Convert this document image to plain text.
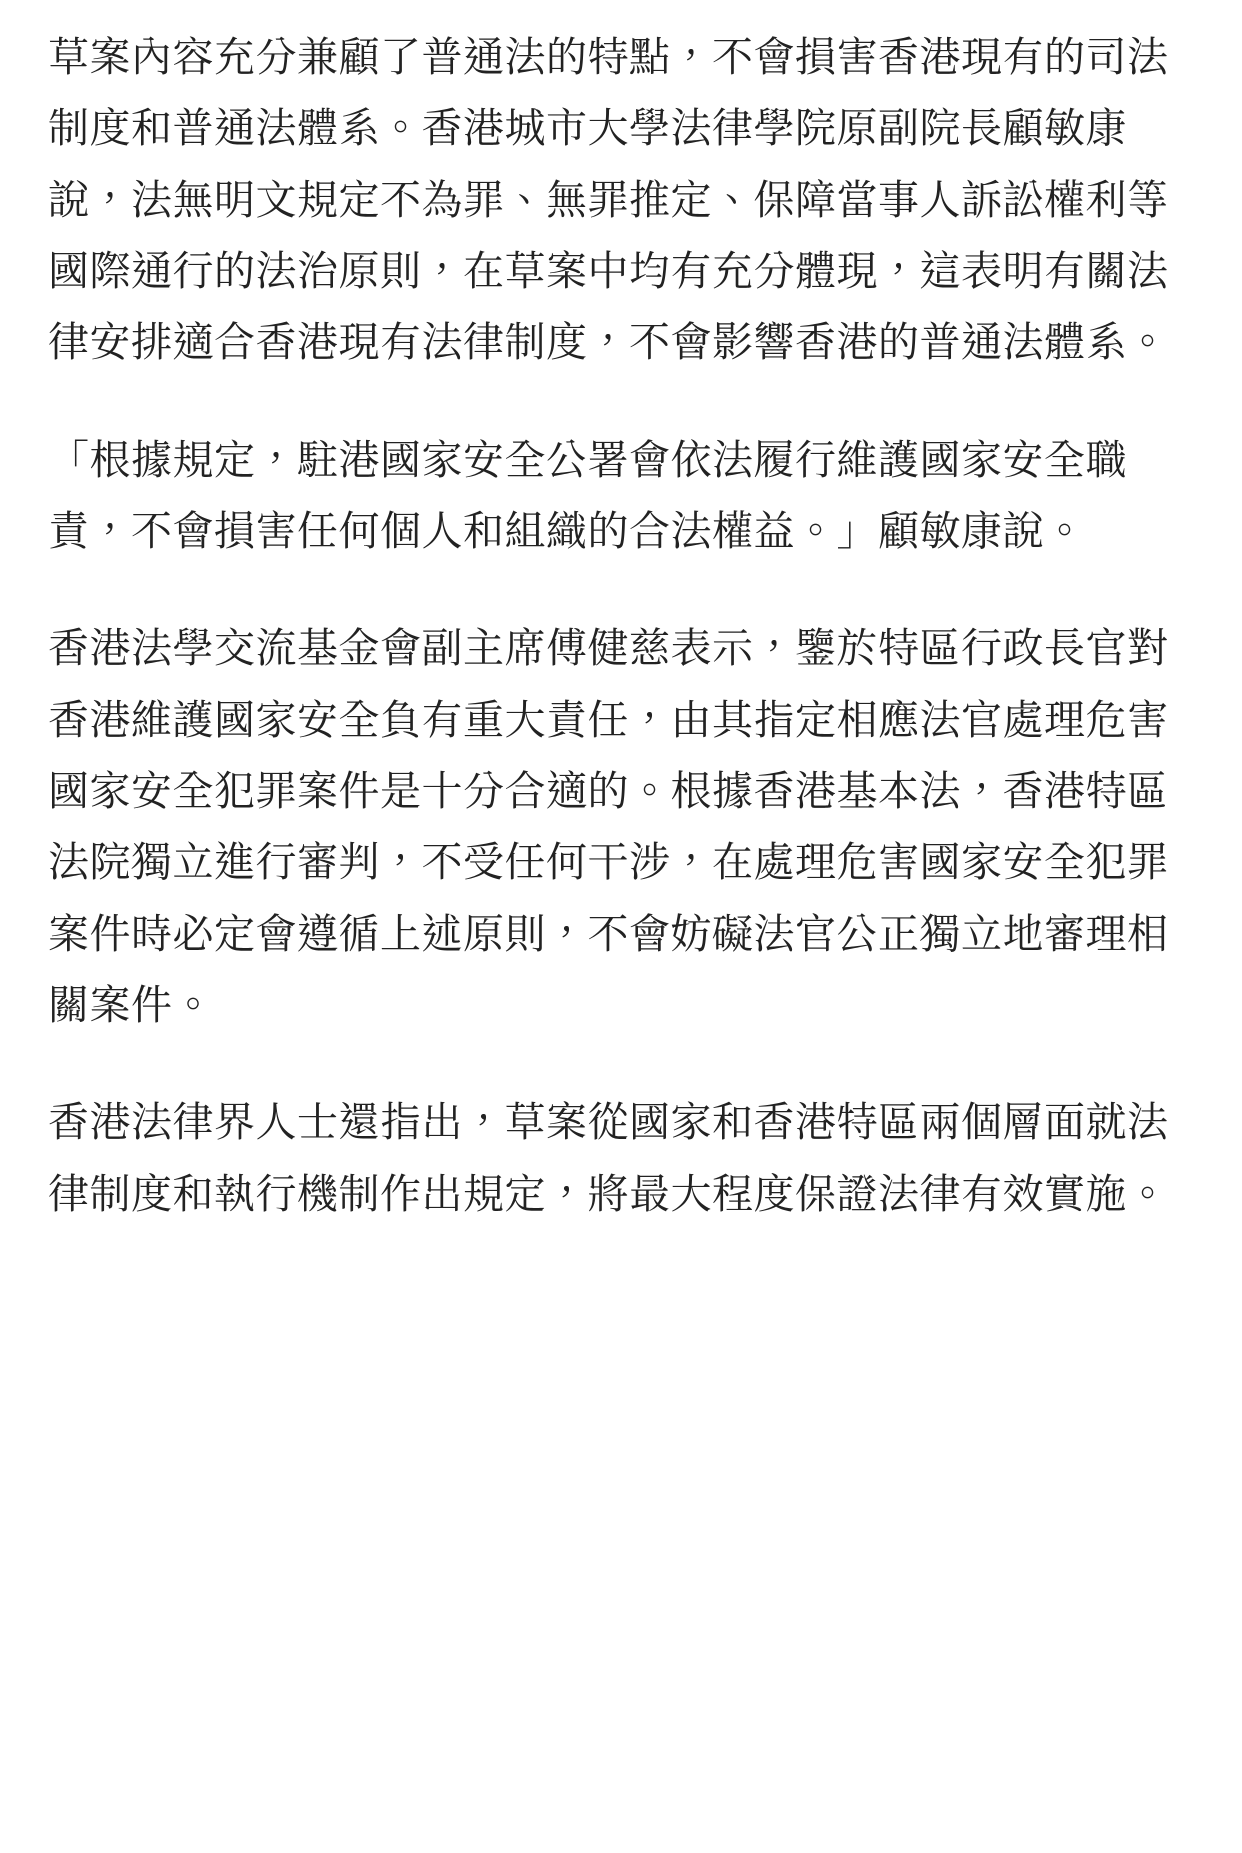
草案內容充分兼顧了普通法的特點，不會損害香港現有的司法制度和普通法體系。香港城市大學法律學院原副院長顧敏康說，法無明文規定不為罪、無罪推定、保障當事人訴訟權利等國際通行的法治原則，在草案中均有充分體現，這表明有關法律安排適合香港現有法律制度，不會影響香港的普通法體系。

「根據規定，駐港國家安全公署會依法履行維護國家安全職責，不會損害任何個人和組織的合法權益。」顧敏康說。

香港法學交流基金會副主席傅健慈表示，鑒於特區行政長官對香港維護國家安全負有重大責任，由其指定相應法官處理危害國家安全犯罪案件是十分合適的。根據香港基本法，香港特區法院獨立進行審判，不受任何干涉，在處理危害國家安全犯罪案件時必定會遵循上述原則，不會妨礙法官公正獨立地審理相關案件。

香港法律界人士還指出，草案從國家和香港特區兩個層面就法律制度和執行機制作出規定，將最大程度保證法律有效實施。
